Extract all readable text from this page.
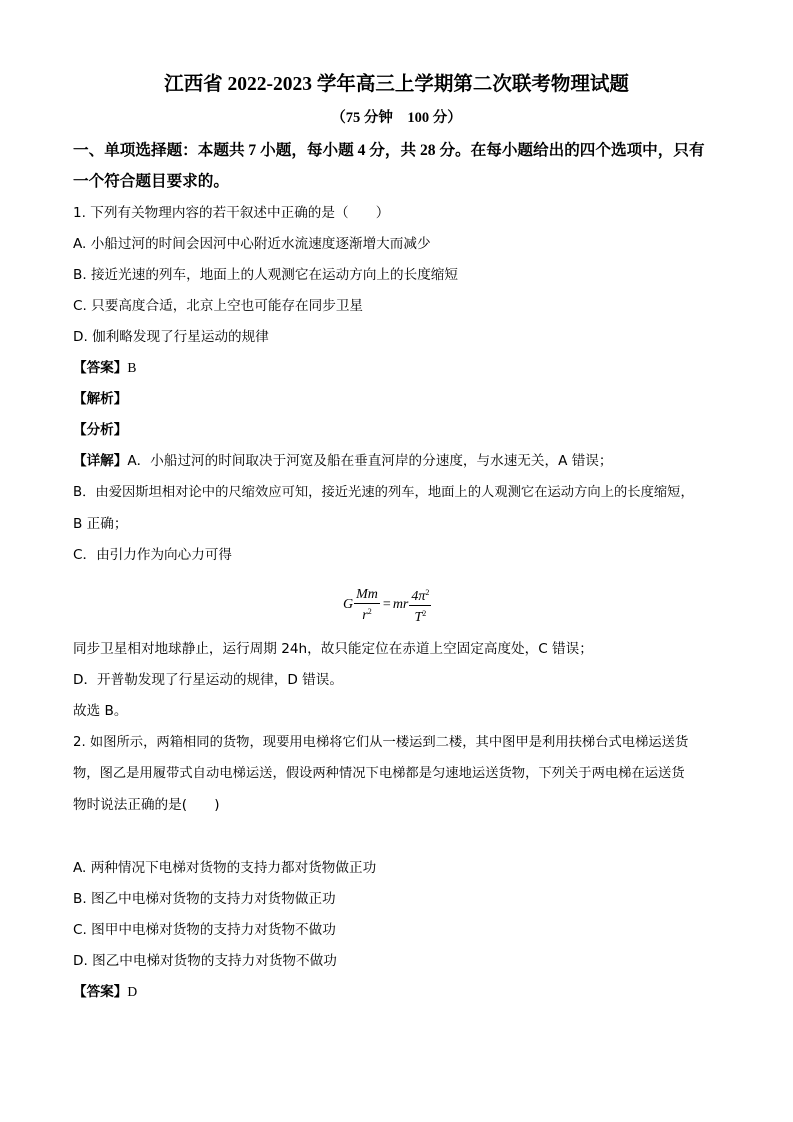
江西省 2022-2023 学年高三上学期第二次联考物理试题
（75 分钟　100 分）
一、单项选择题：本题共 7 小题，每小题 4 分，共 28 分。在每小题给出的四个选项中，只有
一个符合题目要求的。
1. 下列有关物理内容的若干叙述中正确的是（　　）
A. 小船过河的时间会因河中心附近水流速度逐渐增大而减少
B. 接近光速的列车，地面上的人观测它在运动方向上的长度缩短
C. 只要高度合适，北京上空也可能存在同步卫星
D. 伽利略发现了行星运动的规律
【答案】B
【解析】
【分析】
【详解】A．小船过河的时间取决于河宽及船在垂直河岸的分速度，与水速无关，A 错误；
B．由爱因斯坦相对论中的尺缩效应可知，接近光速的列车，地面上的人观测它在运动方向上的长度缩短，
B 正确；
C．由引力作为向心力可得
G $\frac{Mm}{r^2}$ = mr $\frac{4\pi^2}{T^2}$
同步卫星相对地球静止，运行周期 24h，故只能定位在赤道上空固定高度处，C 错误；
D．开普勒发现了行星运动的规律，D 错误。
故选 B。
2. 如图所示，两箱相同的货物，现要用电梯将它们从一楼运到二楼，其中图甲是利用扶梯台式电梯运送货
物，图乙是用履带式自动电梯运送，假设两种情况下电梯都是匀速地运送货物，下列关于两电梯在运送货
物时说法正确的是(　　)
A. 两种情况下电梯对货物的支持力都对货物做正功
B. 图乙中电梯对货物的支持力对货物做正功
C. 图甲中电梯对货物的支持力对货物不做功
D. 图乙中电梯对货物的支持力对货物不做功
【答案】D
